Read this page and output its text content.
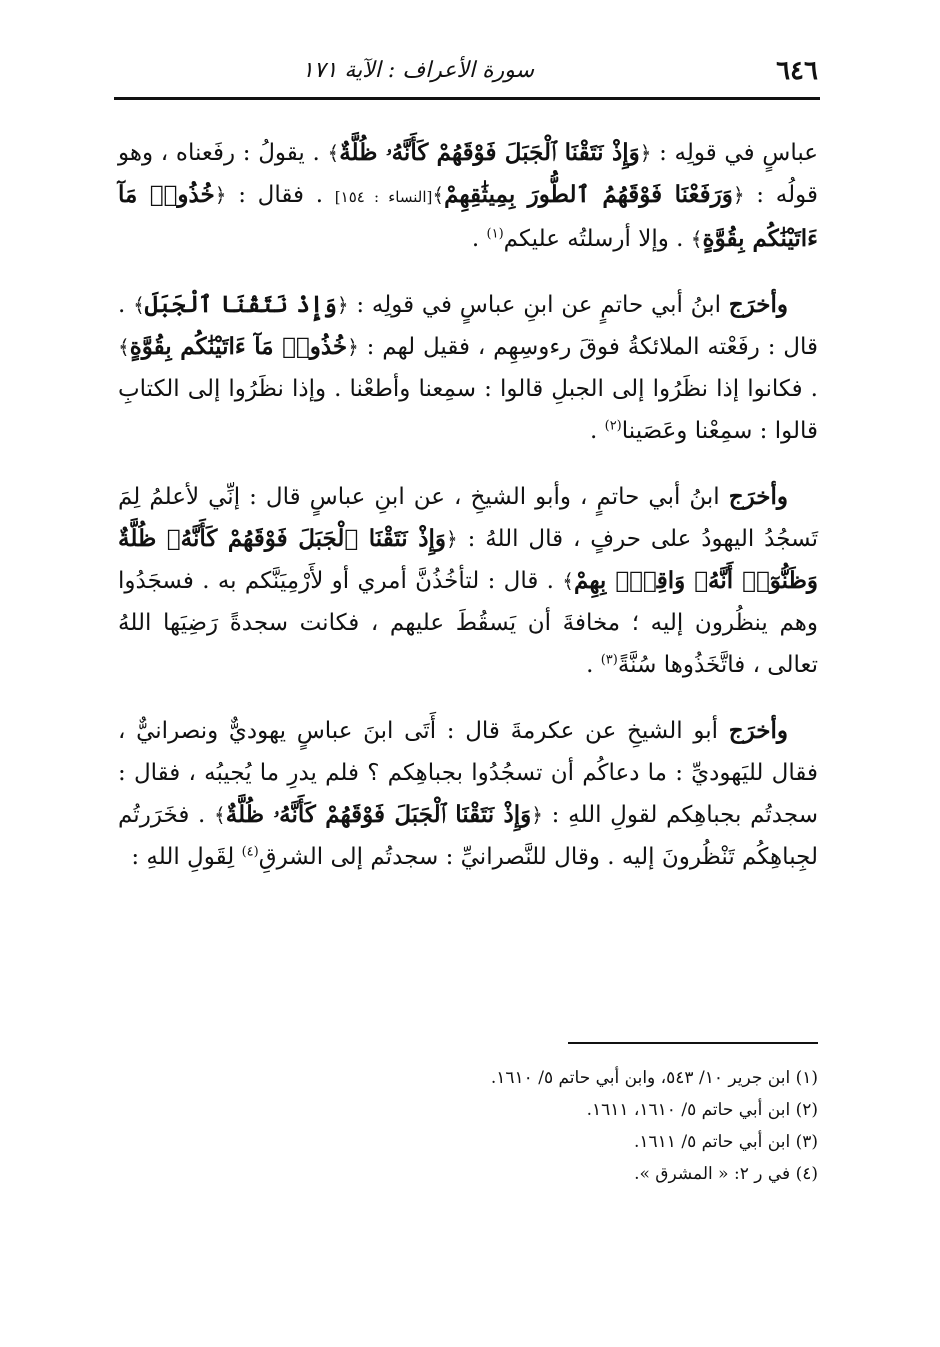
٦٤٦
سورة الأعراف : الآية ١٧١

عباسٍ في قولِه : ﴿وَإِذْ نَتَقْنَا ٱلْجَبَلَ فَوْقَهُمْ كَأَنَّهُۥ ظُلَّةٌ﴾ . يقولُ : رفَعناه ، وهو قولُه : ﴿وَرَفَعْنَا فَوْقَهُمُ ٱلطُّورَ بِمِيثَٰقِهِمْ﴾[النساء : ١٥٤] . فقال : ﴿خُذُوا۟ مَآ ءَاتَيْنَٰكُم بِقُوَّةٍ﴾ . وإلا أرسلتُه عليكم$^{(١)}$ .

وأخرَج ابنُ أبي حاتمٍ عن ابنِ عباسٍ في قولِه : ﴿وَإِذْ نَتَقْنَا ٱلْجَبَلَ﴾ . قال : رفَعْته الملائكةُ فوقَ رءوسِهِم ، فقيل لهم : ﴿خُذُوا۟ مَآ ءَاتَيْنَٰكُم بِقُوَّةٍ﴾ . فكانوا إذا نظَرُوا إلى الجبلِ قالوا : سمِعنا وأطعْنا . وإذا نظَرُوا إلى الكتابِ قالوا : سمِعْنا وعَصَينا$^{(٢)}$ .

وأخرَج ابنُ أبي حاتمٍ ، وأبو الشيخِ ، عن ابنِ عباسٍ قال : إنِّي لأعلمُ لِمَ تَسجُدُ اليهودُ على حرفٍ ، قال اللهُ : ﴿وَإِذْ نَتَقْنَا ٱلْجَبَلَ فَوْقَهُمْ كَأَنَّهُۥ ظُلَّةٌ وَظَنُّوٓا۟ أَنَّهُۥ وَاقِعٌۢ بِهِمْ﴾ . قال : لتأخُذُنَّ أمري أو لأَرْمِيَنَّكم به . فسجَدُوا وهم ينظُرون إليه ؛ مخافةَ أن يَسقُطَ عليهم ، فكانت سجدةً رَضِيَها اللهُ تعالى ، فاتَّخَذُوها سُنَّةً$^{(٣)}$ .

وأخرَج أبو الشيخِ عن عكرمةَ قال : أَتَى ابنَ عباسٍ يهوديٌّ ونصرانيٌّ ، فقال لليَهوديِّ : ما دعاكُم أن تسجُدُوا بجباهِكم ؟ فلم يدرِ ما يُجيبُه ، فقال : سجدتُم بجباهِكم لقولِ اللهِ : ﴿وَإِذْ نَتَقْنَا ٱلْجَبَلَ فَوْقَهُمْ كَأَنَّهُۥ ظُلَّةٌ﴾ . فخَرَرتُم لجِباهِكُم تَنْظُرونَ إليه . وقال للنَّصرانيِّ : سجدتُم إلى الشرقِ$^{(٤)}$ لِقَولِ اللهِ :

(١) ابن جرير ١٠/ ٥٤٣، وابن أبي حاتم ٥/ ١٦١٠.
(٢) ابن أبي حاتم ٥/ ١٦١٠، ١٦١١.
(٣) ابن أبي حاتم ٥/ ١٦١١.
(٤) في ر ٢: « المشرق ».
